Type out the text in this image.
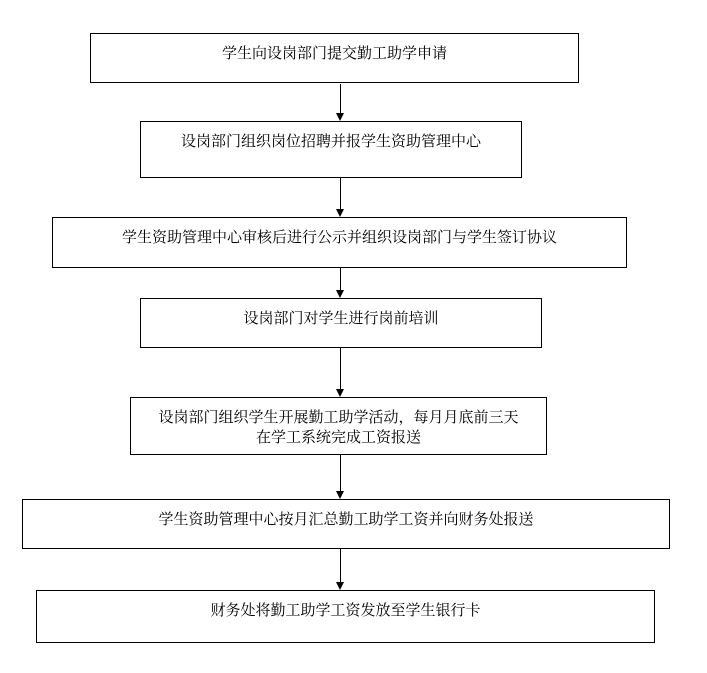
学生向设岗部门提交勤工助学申请
设岗部门组织岗位招聘并报学生资助管理中心
学生资助管理中心审核后进行公示并组织设岗部门与学生签订协议
设岗部门对学生进行岗前培训
设岗部门组织学生开展勤工助学活动，每月月底前三天在学工系统完成工资报送
学生资助管理中心按月汇总勤工助学工资并向财务处报送
财务处将勤工助学工资发放至学生银行卡
